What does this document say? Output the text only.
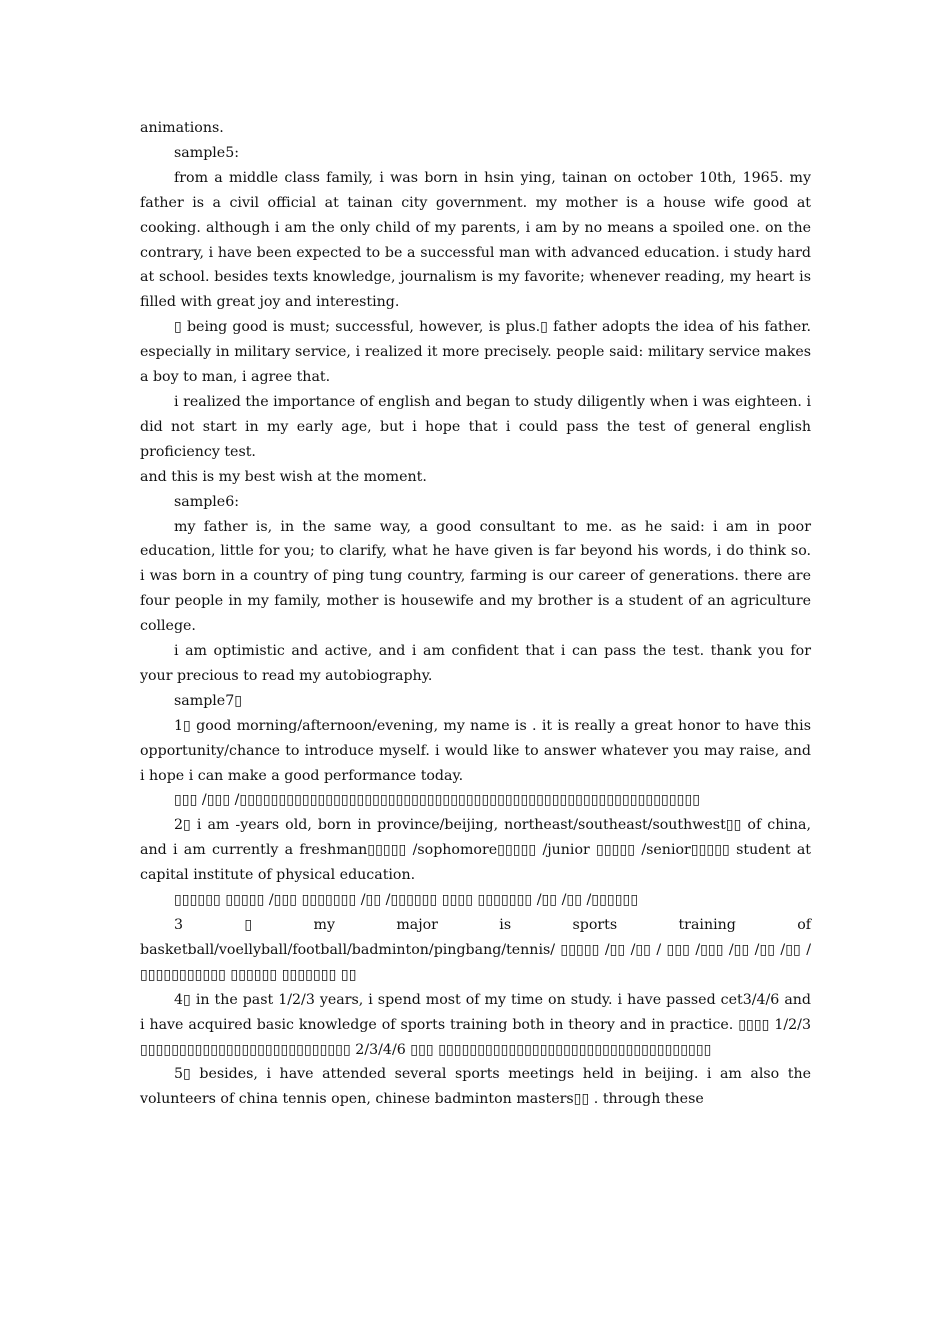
animations.

sample5:

from a middle class family, i was born in hsin ying, tainan on october 10th, 1965. my father is a civil official at tainan city government. my mother is a house wife good at cooking. although i am the only child of my parents, i am by no means a spoiled one. on the contrary, i have been expected to be a successful man with advanced education. i study hard at school. besides texts knowledge, journalism is my favorite; whenever reading, my heart is filled with great joy and interesting.

▯ being good is must; successful, however, is plus.▯ father adopts the idea of his father. especially in military service, i realized it more precisely. people said: military service makes a boy to man, i agree that.

i realized the importance of english and began to study diligently when i was eighteen. i did not start in my early age, but i hope that i could pass the test of general english proficiency test.

and this is my best wish at the moment.

sample6:

my father is, in the same way, a good consultant to me. as he said: i am in poor education, little for you; to clarify, what he have given is far beyond his words, i do think so. i was born in a country of ping tung country, farming is our career of generations. there are four people in my family, mother is housewife and my brother is a student of an agriculture college.

i am optimistic and active, and i am confident that i can pass the test. thank you for your precious to read my autobiography.

sample7▯

1▯ good morning/afternoon/evening, my name is . it is really a great honor to have this opportunity/chance to introduce myself. i would like to answer whatever you may raise, and i hope i can make a good performance today.

▯▯▯ /▯▯▯ /▯▯▯▯▯▯▯▯▯▯▯▯▯▯▯▯▯▯▯▯▯▯▯▯▯▯▯▯▯▯▯▯▯▯▯▯▯▯▯▯▯▯▯▯▯▯▯▯▯▯▯▯▯▯▯▯▯▯▯

2▯ i am -years old, born in province/beijing, northeast/southeast/southwest▯▯ of china, and i am currently a freshman▯▯▯▯▯ /sophomore▯▯▯▯▯ /junior ▯▯▯▯▯ /senior▯▯▯▯▯ student at capital institute of physical education.

▯▯▯▯▯▯ ▯▯▯▯▯ /▯▯▯ ▯▯▯▯▯▯▯ /▯▯ /▯▯▯▯▯▯ ▯▯▯▯ ▯▯▯▯▯▯▯ /▯▯ /▯▯ /▯▯▯▯▯▯

3 ▯ my major is sports training of basketball/voellyball/football/badminton/pingbang/tennis/ ▯▯▯▯▯ /▯▯ /▯▯ / ▯▯▯ /▯▯▯ /▯▯ /▯▯ /▯▯ /▯▯▯▯▯▯▯▯▯▯▯ ▯▯▯▯▯▯ ▯▯▯▯▯▯▯ ▯▯

4▯ in the past 1/2/3 years, i spend most of my time on study. i have passed cet3/4/6 and i have acquired basic knowledge of sports training both in theory and in practice. ▯▯▯▯ 1/2/3 ▯▯▯▯▯▯▯▯▯▯▯▯▯▯▯▯▯▯▯▯▯▯▯▯▯▯▯ 2/3/4/6 ▯▯▯ ▯▯▯▯▯▯▯▯▯▯▯▯▯▯▯▯▯▯▯▯▯▯▯▯▯▯▯▯▯▯▯▯▯▯▯

5▯ besides, i have attended several sports meetings held in beijing. i am also the volunteers of china tennis open, chinese badminton masters▯▯ . through these
